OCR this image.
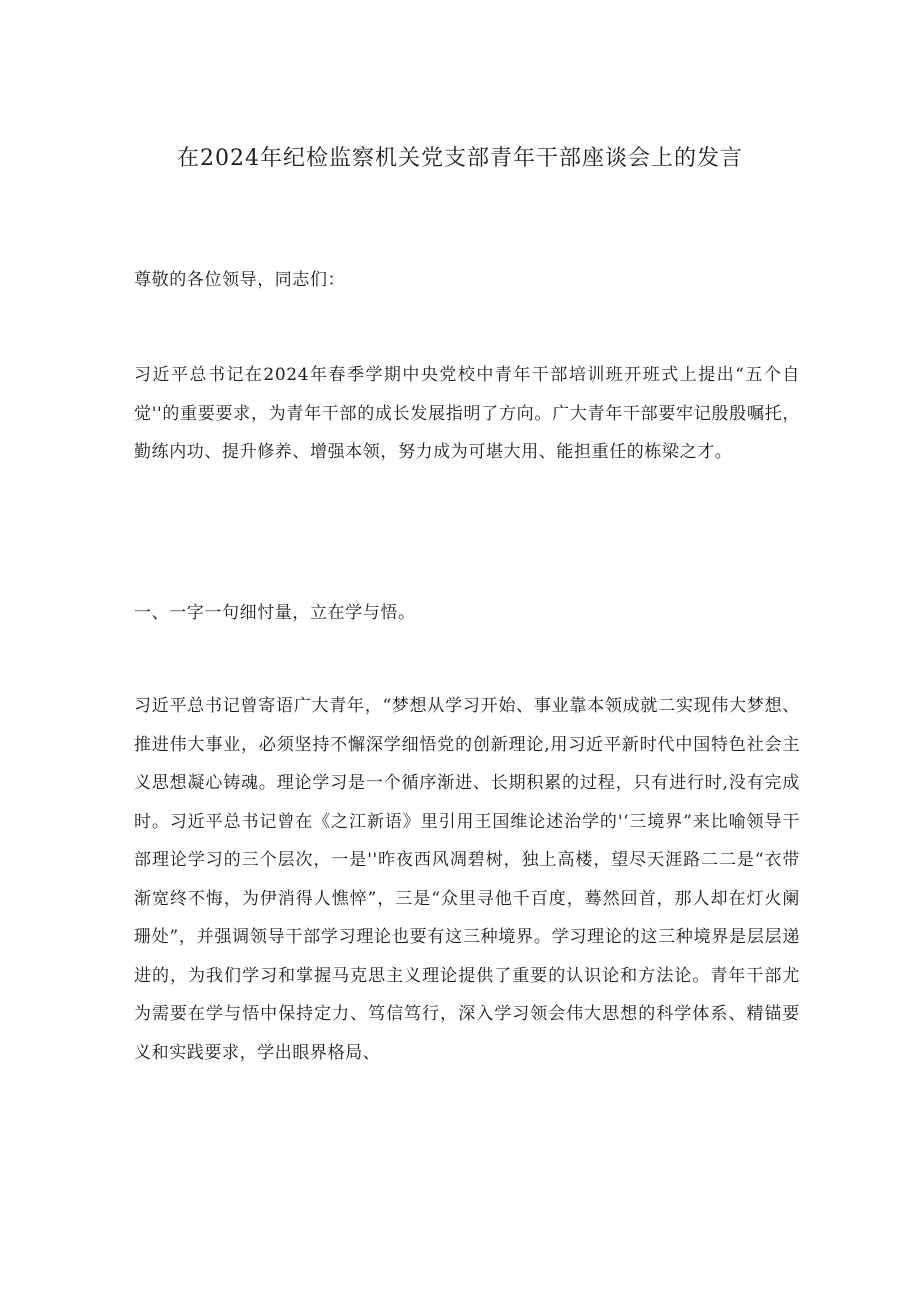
在2024年纪检监察机关党支部青年干部座谈会上的发言

尊敬的各位领导，同志们：

习近平总书记在2024年春季学期中央党校中青年干部培训班开班式上提出“五个自觉''的重要要求，为青年干部的成长发展指明了方向。广大青年干部要牢记殷殷嘱托，勤练内功、提升修养、增强本领，努力成为可堪大用、能担重任的栋梁之才。

一、一字一句细忖量，立在学与悟。

习近平总书记曾寄语广大青年，“梦想从学习开始、事业靠本领成就二实现伟大梦想、推进伟大事业，必须坚持不懈深学细悟党的创新理论,用习近平新时代中国特色社会主义思想凝心铸魂。理论学习是一个循序渐进、长期积累的过程，只有进行时,没有完成时。习近平总书记曾在《之江新语》里引用王国维论述治学的'‘三境界”来比喻领导干部理论学习的三个层次，一是''昨夜西风凋碧树，独上高楼，望尽天涯路二二是“衣带渐宽终不悔，为伊消得人憔悴”，三是“众里寻他千百度，蓦然回首，那人却在灯火阑珊处”，并强调领导干部学习理论也要有这三种境界。学习理论的这三种境界是层层递进的，为我们学习和掌握马克思主义理论提供了重要的认识论和方法论。青年干部尤为需要在学与悟中保持定力、笃信笃行，深入学习领会伟大思想的科学体系、精锚要义和实践要求，学出眼界格局、
